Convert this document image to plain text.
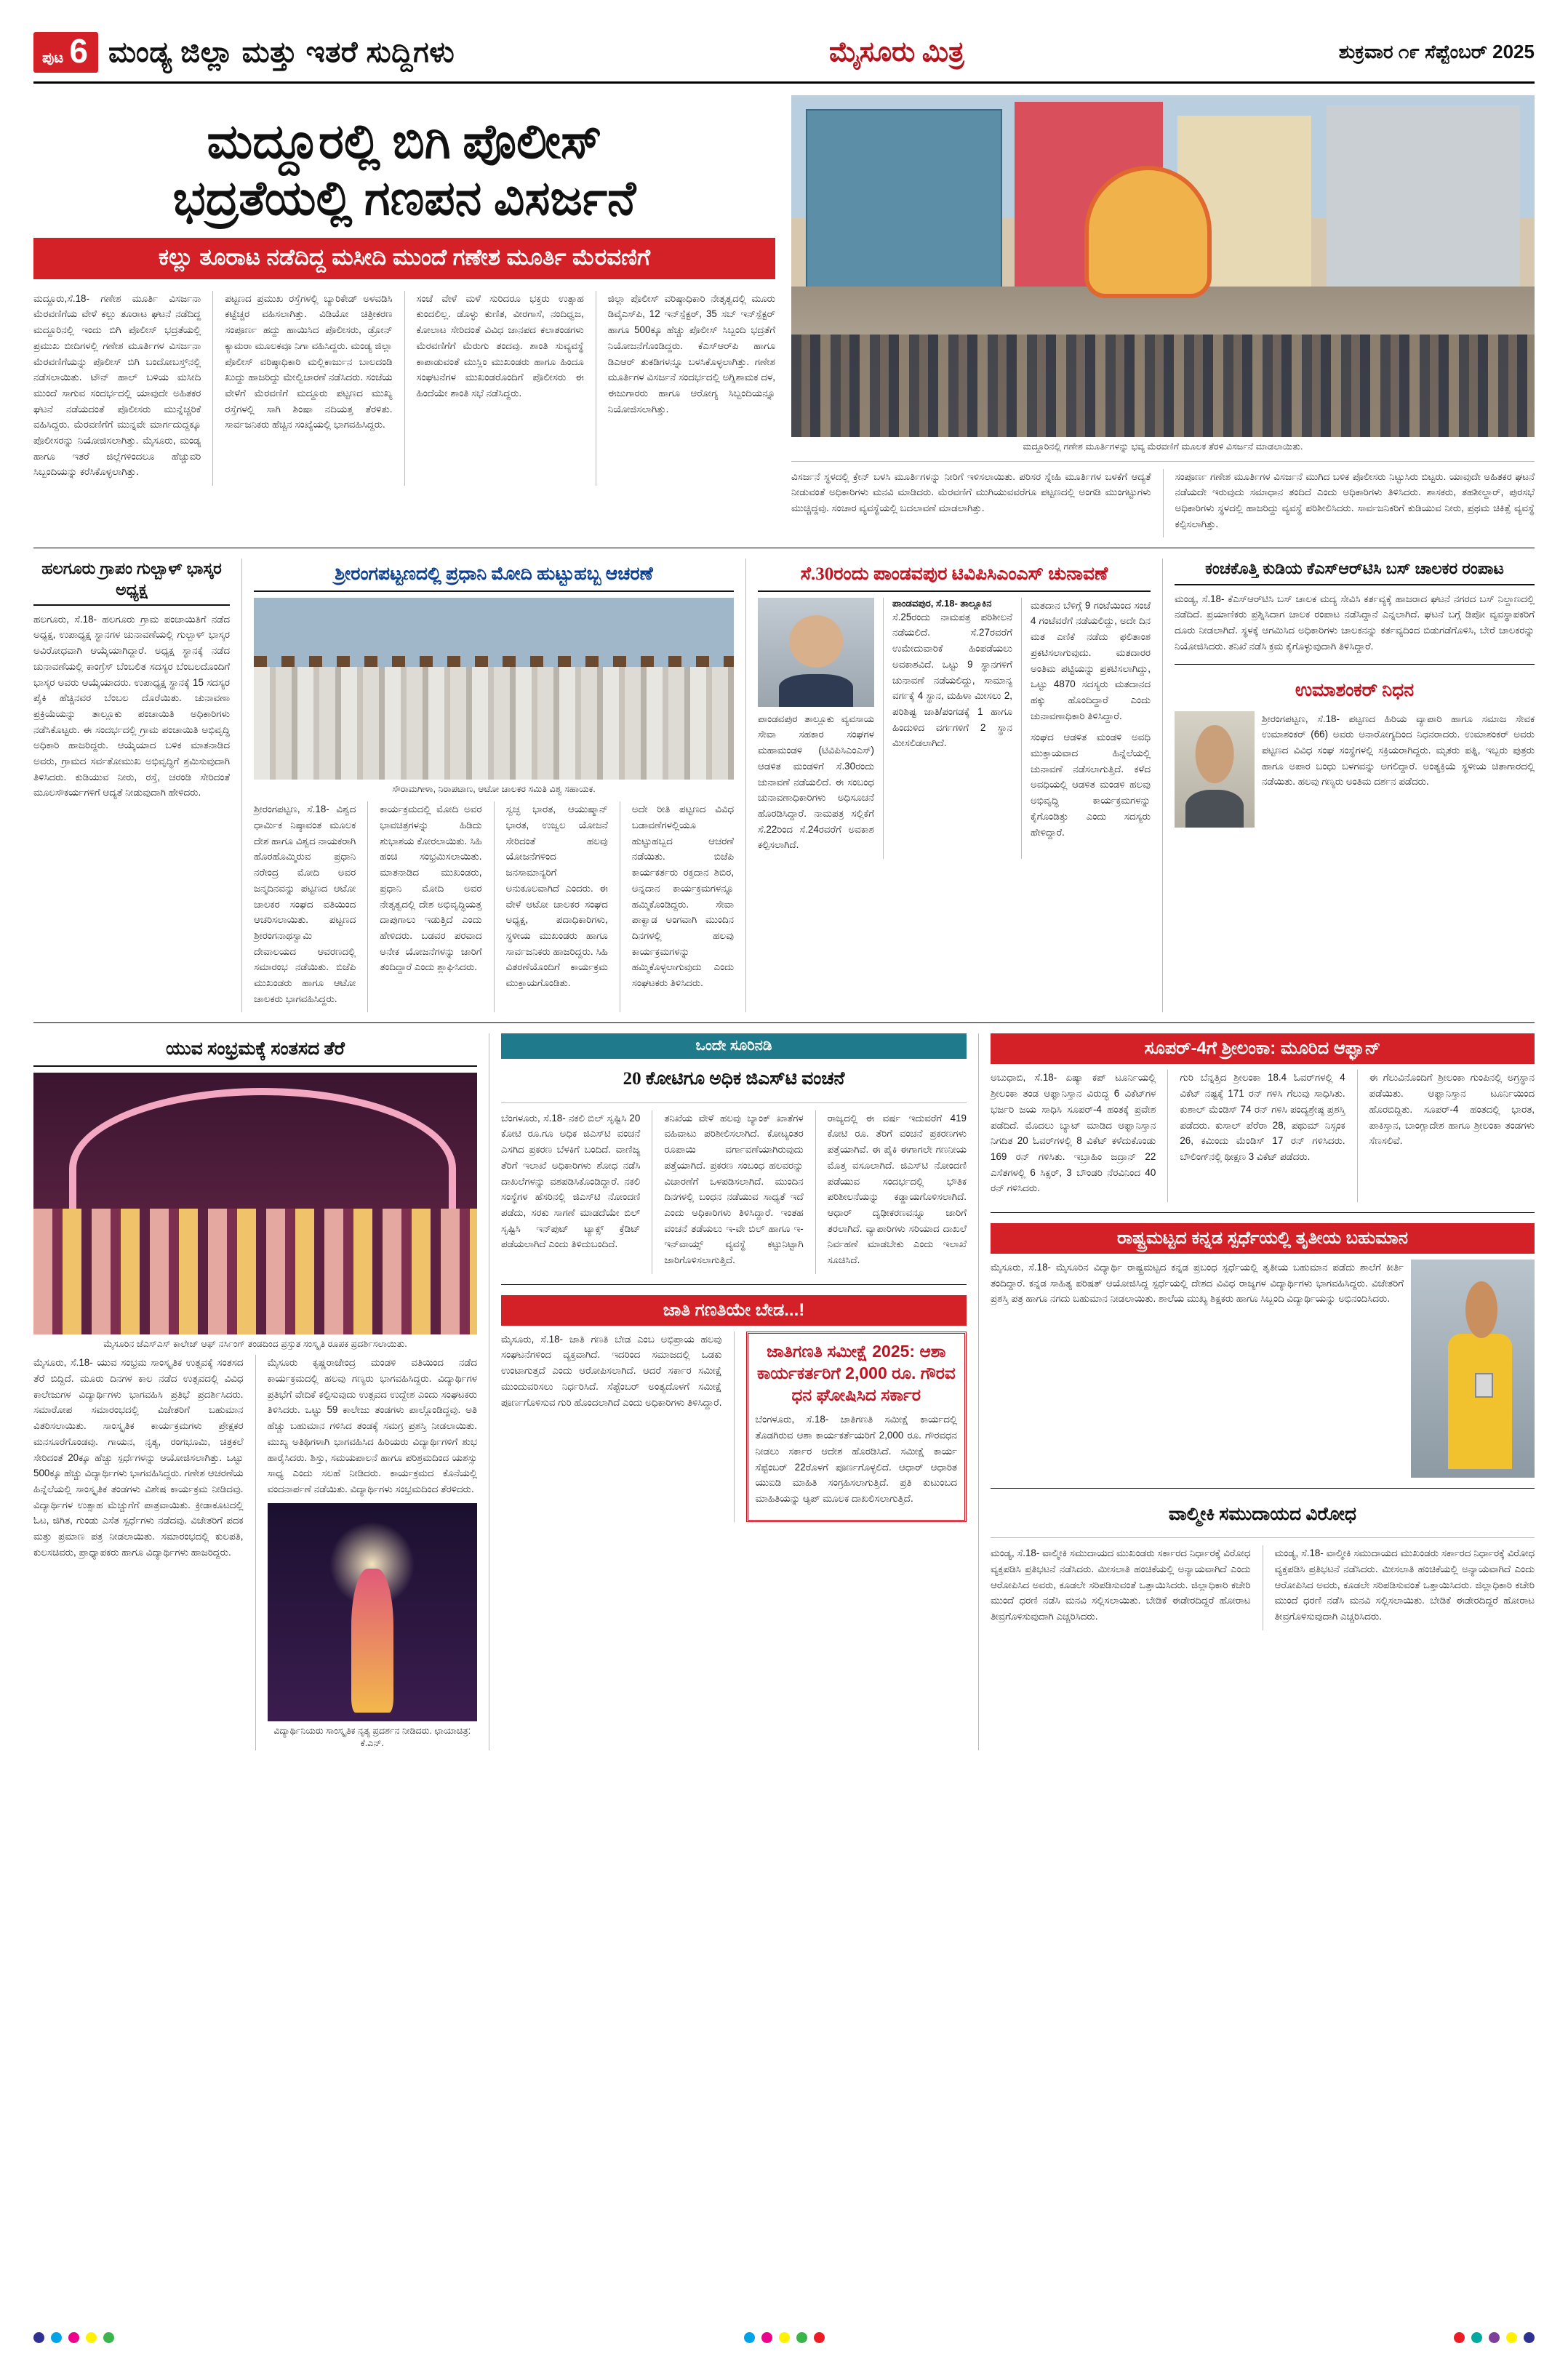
ಪುಟ 6 ಮಂಡ್ಯ ಜಿಲ್ಲಾ ಮತ್ತು ಇತರೆ ಸುದ್ದಿಗಳು	ಮೈಸೂರು ಮಿತ್ರ	ಶುಕ್ರವಾರ ೧೯ ಸೆಪ್ಟೆಂಬರ್ 2025
ಮದ್ದೂರಲ್ಲಿ ಬಿಗಿ ಪೊಲೀಸ್
ಭದ್ರತೆಯಲ್ಲಿ ಗಣಪನ ವಿಸರ್ಜನೆ
ಕಲ್ಲು ತೂರಾಟ ನಡೆದಿದ್ದ ಮಸೀದಿ ಮುಂದೆ ಗಣೇಶ ಮೂರ್ತಿ ಮೆರವಣಿಗೆ

ಮದ್ದೂರು,ಸೆ.18- ಗಣೇಶ ಮೂರ್ತಿ ವಿಸರ್ಜನಾ ಮೆರವಣಿಗೆಯ ವೇಳೆ ಕಲ್ಲು ತೂರಾಟ ಘಟನೆ ನಡೆದಿದ್ದ ಮದ್ದೂರಿನಲ್ಲಿ ಇಂದು ಬಿಗಿ ಪೊಲೀಸ್ ಭದ್ರತೆಯಲ್ಲಿ ಪ್ರಮುಖ ಬೀದಿಗಳಲ್ಲಿ ಗಣೇಶ ಮೂರ್ತಿಗಳ ವಿಸರ್ಜನಾ ಮೆರವಣಿಗೆಯನ್ನು ಪೊಲೀಸ್ ಬಿಗಿ ಬಂದೋಬಸ್ತ್‌ನಲ್ಲಿ ನಡೆಸಲಾಯಿತು. ಟೌನ್ ಹಾಲ್ ಬಳಿಯ ಮಸೀದಿ ಮುಂದೆ ಸಾಗುವ ಸಂದರ್ಭದಲ್ಲಿ ಯಾವುದೇ ಅಹಿತಕರ ಘಟನೆ ನಡೆಯದಂತೆ ಪೊಲೀಸರು ಮುನ್ನೆಚ್ಚರಿಕೆ ವಹಿಸಿದ್ದರು. ಮೆರವಣಿಗೆಗೆ ಮುನ್ನವೇ ಮಾರ್ಗದುದ್ದಕ್ಕೂ ಪೊಲೀಸರನ್ನು ನಿಯೋಜಿಸಲಾಗಿತ್ತು. ಮೈಸೂರು, ಮಂಡ್ಯ ಹಾಗೂ ಇತರೆ ಜಿಲ್ಲೆಗಳಿಂದಲೂ ಹೆಚ್ಚುವರಿ ಸಿಬ್ಬಂದಿಯನ್ನು ಕರೆಸಿಕೊಳ್ಳಲಾಗಿತ್ತು.

ಪಟ್ಟಣದ ಪ್ರಮುಖ ರಸ್ತೆಗಳಲ್ಲಿ ಬ್ಯಾರಿಕೇಡ್ ಅಳವಡಿಸಿ ಕಟ್ಟೆಚ್ಚರ ವಹಿಸಲಾಗಿತ್ತು. ವಿಡಿಯೋ ಚಿತ್ರೀಕರಣ ಸಂಪೂರ್ಣ ಹದ್ದು ಹಾಯಿಸಿದ ಪೊಲೀಸರು, ಡ್ರೋನ್ ಕ್ಯಾಮರಾ ಮೂಲಕವೂ ನಿಗಾ ವಹಿಸಿದ್ದರು. ಮಂಡ್ಯ ಜಿಲ್ಲಾ ಪೊಲೀಸ್ ವರಿಷ್ಠಾಧಿಕಾರಿ ಮಲ್ಲಿಕಾರ್ಜುನ ಬಾಲದಂಡಿ ಖುದ್ದು ಹಾಜರಿದ್ದು ಮೇಲ್ವಿಚಾರಣೆ ನಡೆಸಿದರು. ಸಂಜೆಯ ವೇಳೆಗೆ ಮೆರವಣಿಗೆ ಮದ್ದೂರು ಪಟ್ಟಣದ ಮುಖ್ಯ ರಸ್ತೆಗಳಲ್ಲಿ ಸಾಗಿ ಶಿಂಷಾ ನದಿಯತ್ತ ತೆರಳಿತು. ಸಾರ್ವಜನಿಕರು ಹೆಚ್ಚಿನ ಸಂಖ್ಯೆಯಲ್ಲಿ ಭಾಗವಹಿಸಿದ್ದರು.

ಸಂಜೆ ವೇಳೆ ಮಳೆ ಸುರಿದರೂ ಭಕ್ತರು ಉತ್ಸಾಹ ಕುಂದಲಿಲ್ಲ. ಡೊಳ್ಳು ಕುಣಿತ, ವೀರಗಾಸೆ, ನಂದಿಧ್ವಜ, ಕೋಲಾಟ ಸೇರಿದಂತೆ ವಿವಿಧ ಜಾನಪದ ಕಲಾತಂಡಗಳು ಮೆರವಣಿಗೆಗೆ ಮೆರುಗು ತಂದವು. ಶಾಂತಿ ಸುವ್ಯವಸ್ಥೆ ಕಾಪಾಡುವಂತೆ ಮುಸ್ಲಿಂ ಮುಖಂಡರು ಹಾಗೂ ಹಿಂದೂ ಸಂಘಟನೆಗಳ ಮುಖಂಡರೊಂದಿಗೆ ಪೊಲೀಸರು ಈ ಹಿಂದೆಯೇ ಶಾಂತಿ ಸಭೆ ನಡೆಸಿದ್ದರು.

ಜಿಲ್ಲಾ ಪೊಲೀಸ್ ವರಿಷ್ಠಾಧಿಕಾರಿ ನೇತೃತ್ವದಲ್ಲಿ ಮೂರು ಡಿವೈಎಸ್‌ಪಿ, 12 ಇನ್‌ಸ್ಪೆಕ್ಟರ್, 35 ಸಬ್ ಇನ್‌ಸ್ಪೆಕ್ಟರ್ ಹಾಗೂ 500ಕ್ಕೂ ಹೆಚ್ಚು ಪೊಲೀಸ್ ಸಿಬ್ಬಂದಿ ಭದ್ರತೆಗೆ ನಿಯೋಜನೆಗೊಂಡಿದ್ದರು. ಕೆಎಸ್‌ಆರ್‌ಪಿ ಹಾಗೂ ಡಿಎಆರ್ ತುಕಡಿಗಳನ್ನೂ ಬಳಸಿಕೊಳ್ಳಲಾಗಿತ್ತು. ಗಣೇಶ ಮೂರ್ತಿಗಳ ವಿಸರ್ಜನೆ ಸಂದರ್ಭದಲ್ಲಿ ಅಗ್ನಿಶಾಮಕ ದಳ, ಈಜುಗಾರರು ಹಾಗೂ ಆರೋಗ್ಯ ಸಿಬ್ಬಂದಿಯನ್ನೂ ನಿಯೋಜಿಸಲಾಗಿತ್ತು.

ಮದ್ದೂರಿನಲ್ಲಿ ಗಣೇಶ ಮೂರ್ತಿಗಳನ್ನು ಭವ್ಯ ಮೆರವಣಿಗೆ ಮೂಲಕ ತೆರಳಿ ವಿಸರ್ಜನೆ ಮಾಡಲಾಯಿತು.

ವಿಸರ್ಜನೆ ಸ್ಥಳದಲ್ಲಿ ಕ್ರೇನ್ ಬಳಸಿ ಮೂರ್ತಿಗಳನ್ನು ನೀರಿಗೆ ಇಳಿಸಲಾಯಿತು. ಪರಿಸರ ಸ್ನೇಹಿ ಮೂರ್ತಿಗಳ ಬಳಕೆಗೆ ಆದ್ಯತೆ ನೀಡುವಂತೆ ಅಧಿಕಾರಿಗಳು ಮನವಿ ಮಾಡಿದರು. ಮೆರವಣಿಗೆ ಮುಗಿಯುವವರೆಗೂ ಪಟ್ಟಣದಲ್ಲಿ ಅಂಗಡಿ ಮುಂಗಟ್ಟುಗಳು ಮುಚ್ಚಿದ್ದವು. ಸಂಚಾರ ವ್ಯವಸ್ಥೆಯಲ್ಲಿ ಬದಲಾವಣೆ ಮಾಡಲಾಗಿತ್ತು.

ಸಂಪೂರ್ಣ ಗಣೇಶ ಮೂರ್ತಿಗಳ ವಿಸರ್ಜನೆ ಮುಗಿದ ಬಳಿಕ ಪೊಲೀಸರು ನಿಟ್ಟುಸಿರು ಬಿಟ್ಟರು. ಯಾವುದೇ ಅಹಿತಕರ ಘಟನೆ ನಡೆಯದೇ ಇರುವುದು ಸಮಾಧಾನ ತಂದಿದೆ ಎಂದು ಅಧಿಕಾರಿಗಳು ತಿಳಿಸಿದರು. ಶಾಸಕರು, ತಹಶೀಲ್ದಾರ್, ಪುರಸಭೆ ಅಧಿಕಾರಿಗಳು ಸ್ಥಳದಲ್ಲಿ ಹಾಜರಿದ್ದು ವ್ಯವಸ್ಥೆ ಪರಿಶೀಲಿಸಿದರು. ಸಾರ್ವಜನಿಕರಿಗೆ ಕುಡಿಯುವ ನೀರು, ಪ್ರಥಮ ಚಿಕಿತ್ಸೆ ವ್ಯವಸ್ಥೆ ಕಲ್ಪಿಸಲಾಗಿತ್ತು.

ಹಲಗೂರು ಗ್ರಾಪಂ ಗುಲ್ಬಾಳ್ ಭಾಸ್ಕರ ಅಧ್ಯಕ್ಷ

ಹಲಗೂರು, ಸೆ.18- ಹಲಗೂರು ಗ್ರಾಮ ಪಂಚಾಯಿತಿಗೆ ನಡೆದ ಅಧ್ಯಕ್ಷ, ಉಪಾಧ್ಯಕ್ಷ ಸ್ಥಾನಗಳ ಚುನಾವಣೆಯಲ್ಲಿ ಗುಲ್ಬಾಳ್ ಭಾಸ್ಕರ ಅವಿರೋಧವಾಗಿ ಆಯ್ಕೆಯಾಗಿದ್ದಾರೆ. ಅಧ್ಯಕ್ಷ ಸ್ಥಾನಕ್ಕೆ ನಡೆದ ಚುನಾವಣೆಯಲ್ಲಿ ಕಾಂಗ್ರೆಸ್ ಬೆಂಬಲಿತ ಸದಸ್ಯರ ಬೆಂಬಲದೊಂದಿಗೆ ಭಾಸ್ಕರ ಅವರು ಆಯ್ಕೆಯಾದರು. ಉಪಾಧ್ಯಕ್ಷ ಸ್ಥಾನಕ್ಕೆ 15 ಸದಸ್ಯರ ಪೈಕಿ ಹೆಚ್ಚಿನವರ ಬೆಂಬಲ ದೊರೆಯಿತು. ಚುನಾವಣಾ ಪ್ರಕ್ರಿಯೆಯನ್ನು ತಾಲ್ಲೂಕು ಪಂಚಾಯಿತಿ ಅಧಿಕಾರಿಗಳು ನಡೆಸಿಕೊಟ್ಟರು. ಈ ಸಂದರ್ಭದಲ್ಲಿ ಗ್ರಾಮ ಪಂಚಾಯಿತಿ ಅಭಿವೃದ್ಧಿ ಅಧಿಕಾರಿ ಹಾಜರಿದ್ದರು. ಆಯ್ಕೆಯಾದ ಬಳಿಕ ಮಾತನಾಡಿದ ಅವರು, ಗ್ರಾಮದ ಸರ್ವತೋಮುಖ ಅಭಿವೃದ್ಧಿಗೆ ಶ್ರಮಿಸುವುದಾಗಿ ತಿಳಿಸಿದರು. ಕುಡಿಯುವ ನೀರು, ರಸ್ತೆ, ಚರಂಡಿ ಸೇರಿದಂತೆ ಮೂಲಸೌಕರ್ಯಗಳಿಗೆ ಆದ್ಯತೆ ನೀಡುವುದಾಗಿ ಹೇಳಿದರು.

ಶ್ರೀರಂಗಪಟ್ಟಣದಲ್ಲಿ ಪ್ರಧಾನಿ ಮೋದಿ ಹುಟ್ಟುಹಬ್ಬ ಆಚರಣೆ
ಸೌರಾಮಗೀಳಾ, ನಿರಾಪಟಾಣ, ಆಟೋ ಚಾಲಕರ ಸಮಿತಿ ವಿಶ್ವ ಸಹಾಯಕ.

ಶ್ರೀರಂಗಪಟ್ಟಣ, ಸೆ.18- ವಿಶ್ವದ ಧಾರ್ಮಿಕ ನಿಷ್ಠಾವಂತ ಮೂಲಕ ದೇಶ ಹಾಗೂ ವಿಶ್ವದ ನಾಯಕರಾಗಿ ಹೊರಹೊಮ್ಮಿರುವ ಪ್ರಧಾನಿ ನರೇಂದ್ರ ಮೋದಿ ಅವರ ಜನ್ಮದಿನವನ್ನು ಪಟ್ಟಣದ ಆಟೋ ಚಾಲಕರ ಸಂಘದ ವತಿಯಿಂದ ಆಚರಿಸಲಾಯಿತು. ಪಟ್ಟಣದ ಶ್ರೀರಂಗನಾಥಸ್ವಾಮಿ ದೇವಾಲಯದ ಆವರಣದಲ್ಲಿ ಸಮಾರಂಭ ನಡೆಯಿತು. ಬಿಜೆಪಿ ಮುಖಂಡರು ಹಾಗೂ ಆಟೋ ಚಾಲಕರು ಭಾಗವಹಿಸಿದ್ದರು.

ಕಾರ್ಯಕ್ರಮದಲ್ಲಿ ಮೋದಿ ಅವರ ಭಾವಚಿತ್ರಗಳನ್ನು ಹಿಡಿದು ಶುಭಾಶಯ ಕೋರಲಾಯಿತು. ಸಿಹಿ ಹಂಚಿ ಸಂಭ್ರಮಿಸಲಾಯಿತು. ಮಾತನಾಡಿದ ಮುಖಂಡರು, ಪ್ರಧಾನಿ ಮೋದಿ ಅವರ ನೇತೃತ್ವದಲ್ಲಿ ದೇಶ ಅಭಿವೃದ್ಧಿಯತ್ತ ದಾಪುಗಾಲು ಇಡುತ್ತಿದೆ ಎಂದು ಹೇಳಿದರು. ಬಡವರ ಪರವಾದ ಅನೇಕ ಯೋಜನೆಗಳನ್ನು ಜಾರಿಗೆ ತಂದಿದ್ದಾರೆ ಎಂದು ಶ್ಲಾಘಿಸಿದರು.

ಸ್ವಚ್ಛ ಭಾರತ, ಆಯುಷ್ಮಾನ್ ಭಾರತ, ಉಜ್ವಲ ಯೋಜನೆ ಸೇರಿದಂತೆ ಹಲವು ಯೋಜನೆಗಳಿಂದ ಜನಸಾಮಾನ್ಯರಿಗೆ ಅನುಕೂಲವಾಗಿದೆ ಎಂದರು. ಈ ವೇಳೆ ಆಟೋ ಚಾಲಕರ ಸಂಘದ ಅಧ್ಯಕ್ಷ, ಪದಾಧಿಕಾರಿಗಳು, ಸ್ಥಳೀಯ ಮುಖಂಡರು ಹಾಗೂ ಸಾರ್ವಜನಿಕರು ಹಾಜರಿದ್ದರು. ಸಿಹಿ ವಿತರಣೆಯೊಂದಿಗೆ ಕಾರ್ಯಕ್ರಮ ಮುಕ್ತಾಯಗೊಂಡಿತು.

ಅದೇ ರೀತಿ ಪಟ್ಟಣದ ವಿವಿಧ ಬಡಾವಣೆಗಳಲ್ಲಿಯೂ ಹುಟ್ಟುಹಬ್ಬದ ಆಚರಣೆ ನಡೆಯಿತು. ಬಿಜೆಪಿ ಕಾರ್ಯಕರ್ತರು ರಕ್ತದಾನ ಶಿಬಿರ, ಅನ್ನದಾನ ಕಾರ್ಯಕ್ರಮಗಳನ್ನೂ ಹಮ್ಮಿಕೊಂಡಿದ್ದರು. ಸೇವಾ ಪಾಕ್ವಾಡ ಅಂಗವಾಗಿ ಮುಂದಿನ ದಿನಗಳಲ್ಲಿ ಹಲವು ಕಾರ್ಯಕ್ರಮಗಳನ್ನು ಹಮ್ಮಿಕೊಳ್ಳಲಾಗುವುದು ಎಂದು ಸಂಘಟಕರು ತಿಳಿಸಿದರು.

ಸೆ.30ರಂದು ಪಾಂಡವಪುರ ಟಿವಿಪಿಸಿಎಂಎಸ್ ಚುನಾವಣೆ

ಪಾಂಡವಪುರ ತಾಲ್ಲೂಕು ವ್ಯವಸಾಯ ಸೇವಾ ಸಹಕಾರ ಸಂಘಗಳ ಮಹಾಮಂಡಳಿ (ಟಿವಿಪಿಸಿಎಂಎಸ್) ಆಡಳಿತ ಮಂಡಳಿಗೆ ಸೆ.30ರಂದು ಚುನಾವಣೆ ನಡೆಯಲಿದೆ. ಈ ಸಂಬಂಧ ಚುನಾವಣಾಧಿಕಾರಿಗಳು ಅಧಿಸೂಚನೆ ಹೊರಡಿಸಿದ್ದಾರೆ. ನಾಮಪತ್ರ ಸಲ್ಲಿಕೆಗೆ ಸೆ.22ರಿಂದ ಸೆ.24ರವರೆಗೆ ಅವಕಾಶ ಕಲ್ಪಿಸಲಾಗಿದೆ.

ಪಾಂಡವಪುರ, ಸೆ.18- ತಾಲ್ಲೂಕಿನ

ಸೆ.25ರಂದು ನಾಮಪತ್ರ ಪರಿಶೀಲನೆ ನಡೆಯಲಿದೆ. ಸೆ.27ರವರೆಗೆ ಉಮೇದುವಾರಿಕೆ ಹಿಂಪಡೆಯಲು ಅವಕಾಶವಿದೆ. ಒಟ್ಟು 9 ಸ್ಥಾನಗಳಿಗೆ ಚುನಾವಣೆ ನಡೆಯಲಿದ್ದು, ಸಾಮಾನ್ಯ ವರ್ಗಕ್ಕೆ 4 ಸ್ಥಾನ, ಮಹಿಳಾ ಮೀಸಲು 2, ಪರಿಶಿಷ್ಟ ಜಾತಿ/ಪಂಗಡಕ್ಕೆ 1 ಹಾಗೂ ಹಿಂದುಳಿದ ವರ್ಗಗಳಿಗೆ 2 ಸ್ಥಾನ ಮೀಸಲಿಡಲಾಗಿದೆ.

ಮತದಾನ ಬೆಳಿಗ್ಗೆ 9 ಗಂಟೆಯಿಂದ ಸಂಜೆ 4 ಗಂಟೆವರೆಗೆ ನಡೆಯಲಿದ್ದು, ಅದೇ ದಿನ ಮತ ಎಣಿಕೆ ನಡೆದು ಫಲಿತಾಂಶ ಪ್ರಕಟಿಸಲಾಗುವುದು. ಮತದಾರರ ಅಂತಿಮ ಪಟ್ಟಿಯನ್ನು ಪ್ರಕಟಿಸಲಾಗಿದ್ದು, ಒಟ್ಟು 4870 ಸದಸ್ಯರು ಮತದಾನದ ಹಕ್ಕು ಹೊಂದಿದ್ದಾರೆ ಎಂದು ಚುನಾವಣಾಧಿಕಾರಿ ತಿಳಿಸಿದ್ದಾರೆ.

ಸಂಘದ ಆಡಳಿತ ಮಂಡಳಿ ಅವಧಿ ಮುಕ್ತಾಯವಾದ ಹಿನ್ನೆಲೆಯಲ್ಲಿ ಚುನಾವಣೆ ನಡೆಸಲಾಗುತ್ತಿದೆ. ಕಳೆದ ಅವಧಿಯಲ್ಲಿ ಆಡಳಿತ ಮಂಡಳಿ ಹಲವು ಅಭಿವೃದ್ಧಿ ಕಾರ್ಯಕ್ರಮಗಳನ್ನು ಕೈಗೊಂಡಿತ್ತು ಎಂದು ಸದಸ್ಯರು ಹೇಳಿದ್ದಾರೆ.

ಕಂಚಕೊತ್ತಿ ಕುಡಿಯ ಕೆಎಸ್‌ಆರ್‌ಟಿಸಿ ಬಸ್ ಚಾಲಕರ ರಂಪಾಟ

ಮಂಡ್ಯ, ಸೆ.18- ಕೆಎಸ್‌ಆರ್‌ಟಿಸಿ ಬಸ್ ಚಾಲಕ ಮದ್ಯ ಸೇವಿಸಿ ಕರ್ತವ್ಯಕ್ಕೆ ಹಾಜರಾದ ಘಟನೆ ನಗರದ ಬಸ್ ನಿಲ್ದಾಣದಲ್ಲಿ ನಡೆದಿದೆ. ಪ್ರಯಾಣಿಕರು ಪ್ರಶ್ನಿಸಿದಾಗ ಚಾಲಕ ರಂಪಾಟ ನಡೆಸಿದ್ದಾನೆ ಎನ್ನಲಾಗಿದೆ. ಘಟನೆ ಬಗ್ಗೆ ಡಿಪೋ ವ್ಯವಸ್ಥಾಪಕರಿಗೆ ದೂರು ನೀಡಲಾಗಿದೆ. ಸ್ಥಳಕ್ಕೆ ಆಗಮಿಸಿದ ಅಧಿಕಾರಿಗಳು ಚಾಲಕನನ್ನು ಕರ್ತವ್ಯದಿಂದ ಬಿಡುಗಡೆಗೊಳಿಸಿ, ಬೇರೆ ಚಾಲಕರನ್ನು ನಿಯೋಜಿಸಿದರು. ತನಿಖೆ ನಡೆಸಿ ಕ್ರಮ ಕೈಗೊಳ್ಳುವುದಾಗಿ ತಿಳಿಸಿದ್ದಾರೆ.

ಉಮಾಶಂಕರ್ ನಿಧನ

ಶ್ರೀರಂಗಪಟ್ಟಣ, ಸೆ.18- ಪಟ್ಟಣದ ಹಿರಿಯ ವ್ಯಾಪಾರಿ ಹಾಗೂ ಸಮಾಜ ಸೇವಕ ಉಮಾಶಂಕರ್ (66) ಅವರು ಅನಾರೋಗ್ಯದಿಂದ ನಿಧನರಾದರು. ಉಮಾಶಂಕರ್ ಅವರು ಪಟ್ಟಣದ ವಿವಿಧ ಸಂಘ ಸಂಸ್ಥೆಗಳಲ್ಲಿ ಸಕ್ರಿಯರಾಗಿದ್ದರು. ಮೃತರು ಪತ್ನಿ, ಇಬ್ಬರು ಪುತ್ರರು ಹಾಗೂ ಅಪಾರ ಬಂಧು ಬಳಗವನ್ನು ಅಗಲಿದ್ದಾರೆ. ಅಂತ್ಯಕ್ರಿಯೆ ಸ್ಥಳೀಯ ಚಿತಾಗಾರದಲ್ಲಿ ನಡೆಯಿತು. ಹಲವು ಗಣ್ಯರು ಅಂತಿಮ ದರ್ಶನ ಪಡೆದರು.

ಯುವ ಸಂಭ್ರಮಕ್ಕೆ ಸಂತಸದ ತೆರೆ
ಮೈಸೂರಿನ ಜೆಎಸ್‌ಎಸ್ ಕಾಲೇಜ್ ಆಫ್ ನರ್ಸಿಂಗ್ ತಂಡದಿಂದ ಪ್ರಸ್ತುತ ಸಂಸ್ಕೃತಿ ರೂಪಕ ಪ್ರದರ್ಶಿಸಲಾಯಿತು.

ಮೈಸೂರು, ಸೆ.18- ಯುವ ಸಂಭ್ರಮ ಸಾಂಸ್ಕೃತಿಕ ಉತ್ಸವಕ್ಕೆ ಸಂತಸದ ತೆರೆ ಬಿದ್ದಿದೆ. ಮೂರು ದಿನಗಳ ಕಾಲ ನಡೆದ ಉತ್ಸವದಲ್ಲಿ ವಿವಿಧ ಕಾಲೇಜುಗಳ ವಿದ್ಯಾರ್ಥಿಗಳು ಭಾಗವಹಿಸಿ ಪ್ರತಿಭೆ ಪ್ರದರ್ಶಿಸಿದರು. ಸಮಾರೋಪ ಸಮಾರಂಭದಲ್ಲಿ ವಿಜೇತರಿಗೆ ಬಹುಮಾನ ವಿತರಿಸಲಾಯಿತು. ಸಾಂಸ್ಕೃತಿಕ ಕಾರ್ಯಕ್ರಮಗಳು ಪ್ರೇಕ್ಷಕರ ಮನಸೂರೆಗೊಂಡವು. ಗಾಯನ, ನೃತ್ಯ, ರಂಗಭೂಮಿ, ಚಿತ್ರಕಲೆ ಸೇರಿದಂತೆ 20ಕ್ಕೂ ಹೆಚ್ಚು ಸ್ಪರ್ಧೆಗಳನ್ನು ಆಯೋಜಿಸಲಾಗಿತ್ತು. ಒಟ್ಟು 500ಕ್ಕೂ ಹೆಚ್ಚು ವಿದ್ಯಾರ್ಥಿಗಳು ಭಾಗವಹಿಸಿದ್ದರು. ಗಣೇಶ ಆಚರಣೆಯ ಹಿನ್ನೆಲೆಯಲ್ಲಿ ಸಾಂಸ್ಕೃತಿಕ ತಂಡಗಳು ವಿಶೇಷ ಕಾರ್ಯಕ್ರಮ ನೀಡಿದವು. ವಿದ್ಯಾರ್ಥಿಗಳ ಉತ್ಸಾಹ ಮೆಚ್ಚುಗೆಗೆ ಪಾತ್ರವಾಯಿತು. ಕ್ರೀಡಾಕೂಟದಲ್ಲಿ ಓಟ, ಜಿಗಿತ, ಗುಂಡು ಎಸೆತ ಸ್ಪರ್ಧೆಗಳು ನಡೆದವು. ವಿಜೇತರಿಗೆ ಪದಕ ಮತ್ತು ಪ್ರಮಾಣ ಪತ್ರ ನೀಡಲಾಯಿತು. ಸಮಾರಂಭದಲ್ಲಿ ಕುಲಪತಿ, ಕುಲಸಚಿವರು, ಪ್ರಾಧ್ಯಾಪಕರು ಹಾಗೂ ವಿದ್ಯಾರ್ಥಿಗಳು ಹಾಜರಿದ್ದರು.

ಮೈಸೂರು ಕೃಷ್ಣರಾಜೇಂದ್ರ ಮಂಡಳಿ ವತಿಯಿಂದ ನಡೆದ ಕಾರ್ಯಕ್ರಮದಲ್ಲಿ ಹಲವು ಗಣ್ಯರು ಭಾಗವಹಿಸಿದ್ದರು. ವಿದ್ಯಾರ್ಥಿಗಳ ಪ್ರತಿಭೆಗೆ ವೇದಿಕೆ ಕಲ್ಪಿಸುವುದು ಉತ್ಸವದ ಉದ್ದೇಶ ಎಂದು ಸಂಘಟಕರು ತಿಳಿಸಿದರು. ಒಟ್ಟು 59 ಕಾಲೇಜು ತಂಡಗಳು ಪಾಲ್ಗೊಂಡಿದ್ದವು. ಅತಿ ಹೆಚ್ಚು ಬಹುಮಾನ ಗಳಿಸಿದ ತಂಡಕ್ಕೆ ಸಮಗ್ರ ಪ್ರಶಸ್ತಿ ನೀಡಲಾಯಿತು. ಮುಖ್ಯ ಅತಿಥಿಗಳಾಗಿ ಭಾಗವಹಿಸಿದ ಹಿರಿಯರು ವಿದ್ಯಾರ್ಥಿಗಳಿಗೆ ಶುಭ ಹಾರೈಸಿದರು. ಶಿಸ್ತು, ಸಮಯಪಾಲನೆ ಹಾಗೂ ಪರಿಶ್ರಮದಿಂದ ಯಶಸ್ಸು ಸಾಧ್ಯ ಎಂದು ಸಲಹೆ ನೀಡಿದರು. ಕಾರ್ಯಕ್ರಮದ ಕೊನೆಯಲ್ಲಿ ವಂದನಾರ್ಪಣೆ ನಡೆಯಿತು. ವಿದ್ಯಾರ್ಥಿಗಳು ಸಂಭ್ರಮದಿಂದ ತೆರಳಿದರು.

ವಿದ್ಯಾರ್ಥಿನಿಯರು ಸಾಂಸ್ಕೃತಿಕ ನೃತ್ಯ ಪ್ರದರ್ಶನ ನೀಡಿದರು. ಛಾಯಾಚಿತ್ರ: ಕೆ.ಎನ್.
ಒಂದೇ ಸೂರಿನಡಿ
20 ಕೋಟಿಗೂ ಅಧಿಕ ಜಿಎಸ್‌ಟಿ ವಂಚನೆ

ಬೆಂಗಳೂರು, ಸೆ.18- ನಕಲಿ ಬಿಲ್ ಸೃಷ್ಟಿಸಿ 20 ಕೋಟಿ ರೂ.ಗೂ ಅಧಿಕ ಜಿಎಸ್‌ಟಿ ವಂಚನೆ ಎಸಗಿದ ಪ್ರಕರಣ ಬೆಳಕಿಗೆ ಬಂದಿದೆ. ವಾಣಿಜ್ಯ ತೆರಿಗೆ ಇಲಾಖೆ ಅಧಿಕಾರಿಗಳು ಶೋಧ ನಡೆಸಿ ದಾಖಲೆಗಳನ್ನು ವಶಪಡಿಸಿಕೊಂಡಿದ್ದಾರೆ. ನಕಲಿ ಸಂಸ್ಥೆಗಳ ಹೆಸರಿನಲ್ಲಿ ಜಿಎಸ್‌ಟಿ ನೋಂದಣಿ ಪಡೆದು, ಸರಕು ಸಾಗಣೆ ಮಾಡದೆಯೇ ಬಿಲ್ ಸೃಷ್ಟಿಸಿ ಇನ್‌ಪುಟ್ ಟ್ಯಾಕ್ಸ್ ಕ್ರೆಡಿಟ್ ಪಡೆಯಲಾಗಿದೆ ಎಂದು ತಿಳಿದುಬಂದಿದೆ.

ತನಿಖೆಯ ವೇಳೆ ಹಲವು ಬ್ಯಾಂಕ್ ಖಾತೆಗಳ ವಹಿವಾಟು ಪರಿಶೀಲಿಸಲಾಗಿದೆ. ಕೋಟ್ಯಂತರ ರೂಪಾಯಿ ವರ್ಗಾವಣೆಯಾಗಿರುವುದು ಪತ್ತೆಯಾಗಿದೆ. ಪ್ರಕರಣ ಸಂಬಂಧ ಹಲವರನ್ನು ವಿಚಾರಣೆಗೆ ಒಳಪಡಿಸಲಾಗಿದೆ. ಮುಂದಿನ ದಿನಗಳಲ್ಲಿ ಬಂಧನ ನಡೆಯುವ ಸಾಧ್ಯತೆ ಇದೆ ಎಂದು ಅಧಿಕಾರಿಗಳು ತಿಳಿಸಿದ್ದಾರೆ. ಇಂತಹ ವಂಚನೆ ತಡೆಯಲು ಇ-ವೇ ಬಿಲ್ ಹಾಗೂ ಇ-ಇನ್‌ವಾಯ್ಸ್ ವ್ಯವಸ್ಥೆ ಕಟ್ಟುನಿಟ್ಟಾಗಿ ಜಾರಿಗೊಳಿಸಲಾಗುತ್ತಿದೆ.

ರಾಜ್ಯದಲ್ಲಿ ಈ ವರ್ಷ ಇದುವರೆಗೆ 419 ಕೋಟಿ ರೂ. ತೆರಿಗೆ ವಂಚನೆ ಪ್ರಕರಣಗಳು ಪತ್ತೆಯಾಗಿವೆ. ಈ ಪೈಕಿ ಈಗಾಗಲೇ ಗಣನೀಯ ಮೊತ್ತ ವಸೂಲಾಗಿದೆ. ಜಿಎಸ್‌ಟಿ ನೋಂದಣಿ ಪಡೆಯುವ ಸಂದರ್ಭದಲ್ಲಿ ಭೌತಿಕ ಪರಿಶೀಲನೆಯನ್ನು ಕಡ್ಡಾಯಗೊಳಿಸಲಾಗಿದೆ. ಆಧಾರ್ ದೃಢೀಕರಣವನ್ನೂ ಜಾರಿಗೆ ತರಲಾಗಿದೆ. ವ್ಯಾಪಾರಿಗಳು ಸರಿಯಾದ ದಾಖಲೆ ನಿರ್ವಹಣೆ ಮಾಡಬೇಕು ಎಂದು ಇಲಾಖೆ ಸೂಚಿಸಿದೆ.

ಜಾತಿ ಗಣತಿಯೇ ಬೇಡ...!

ಮೈಸೂರು, ಸೆ.18- ಜಾತಿ ಗಣತಿ ಬೇಡ ಎಂಬ ಅಭಿಪ್ರಾಯ ಹಲವು ಸಂಘಟನೆಗಳಿಂದ ವ್ಯಕ್ತವಾಗಿದೆ. ಇದರಿಂದ ಸಮಾಜದಲ್ಲಿ ಒಡಕು ಉಂಟಾಗುತ್ತದೆ ಎಂದು ಆರೋಪಿಸಲಾಗಿದೆ. ಆದರೆ ಸರ್ಕಾರ ಸಮೀಕ್ಷೆ ಮುಂದುವರಿಸಲು ನಿರ್ಧರಿಸಿದೆ. ಸೆಪ್ಟೆಂಬರ್ ಅಂತ್ಯದೊಳಗೆ ಸಮೀಕ್ಷೆ ಪೂರ್ಣಗೊಳಿಸುವ ಗುರಿ ಹೊಂದಲಾಗಿದೆ ಎಂದು ಅಧಿಕಾರಿಗಳು ತಿಳಿಸಿದ್ದಾರೆ.

ಜಾತಿಗಣತಿ ಸಮೀಕ್ಷೆ 2025: ಆಶಾ ಕಾರ್ಯಕರ್ತರಿಗೆ 2,000 ರೂ. ಗೌರವ ಧನ ಘೋಷಿಸಿದ ಸರ್ಕಾರ

ಬೆಂಗಳೂರು, ಸೆ.18- ಜಾತಿಗಣತಿ ಸಮೀಕ್ಷೆ ಕಾರ್ಯದಲ್ಲಿ ತೊಡಗಿರುವ ಆಶಾ ಕಾರ್ಯಕರ್ತೆಯರಿಗೆ 2,000 ರೂ. ಗೌರವಧನ ನೀಡಲು ಸರ್ಕಾರ ಆದೇಶ ಹೊರಡಿಸಿದೆ. ಸಮೀಕ್ಷೆ ಕಾರ್ಯ ಸೆಪ್ಟೆಂಬರ್ 22ರೊಳಗೆ ಪೂರ್ಣಗೊಳ್ಳಲಿದೆ. ಆಧಾರ್ ಆಧಾರಿತ ಯುಐಡಿ ಮಾಹಿತಿ ಸಂಗ್ರಹಿಸಲಾಗುತ್ತಿದೆ. ಪ್ರತಿ ಕುಟುಂಬದ ಮಾಹಿತಿಯನ್ನು ಆ್ಯಪ್ ಮೂಲಕ ದಾಖಲಿಸಲಾಗುತ್ತಿದೆ.

ಸೂಪರ್-4ಗೆ ಶ್ರೀಲಂಕಾ: ಮೂರಿದ ಆಫ್ಘಾನ್

ಅಬುಧಾಬಿ, ಸೆ.18- ಏಷ್ಯಾ ಕಪ್ ಟೂರ್ನಿಯಲ್ಲಿ ಶ್ರೀಲಂಕಾ ತಂಡ ಆಫ್ಘಾನಿಸ್ತಾನ ವಿರುದ್ಧ 6 ವಿಕೆಟ್‌ಗಳ ಭರ್ಜರಿ ಜಯ ಸಾಧಿಸಿ ಸೂಪರ್-4 ಹಂತಕ್ಕೆ ಪ್ರವೇಶ ಪಡೆದಿದೆ. ಮೊದಲು ಬ್ಯಾಟ್ ಮಾಡಿದ ಆಫ್ಘಾನಿಸ್ತಾನ ನಿಗದಿತ 20 ಓವರ್‌ಗಳಲ್ಲಿ 8 ವಿಕೆಟ್ ಕಳೆದುಕೊಂಡು 169 ರನ್ ಗಳಿಸಿತು. ಇಬ್ರಾಹಿಂ ಜದ್ರಾನ್ 22 ಎಸೆತಗಳಲ್ಲಿ 6 ಸಿಕ್ಸರ್, 3 ಬೌಂಡರಿ ನೆರವಿನಿಂದ 40 ರನ್ ಗಳಿಸಿದರು.

ಗುರಿ ಬೆನ್ನತ್ತಿದ ಶ್ರೀಲಂಕಾ 18.4 ಓವರ್‌ಗಳಲ್ಲಿ 4 ವಿಕೆಟ್ ನಷ್ಟಕ್ಕೆ 171 ರನ್ ಗಳಿಸಿ ಗೆಲುವು ಸಾಧಿಸಿತು. ಕುಶಾಲ್ ಮೆಂಡಿಸ್ 74 ರನ್ ಗಳಿಸಿ ಪಂದ್ಯಶ್ರೇಷ್ಠ ಪ್ರಶಸ್ತಿ ಪಡೆದರು. ಕುಸಾಲ್ ಪೆರೆರಾ 28, ಪಥುಮ್ ನಿಸ್ಸಂಕ 26, ಕಮಿಂದು ಮೆಂಡಿಸ್ 17 ರನ್ ಗಳಿಸಿದರು. ಬೌಲಿಂಗ್‌ನಲ್ಲಿ ಥೀಕ್ಷಣ 3 ವಿಕೆಟ್ ಪಡೆದರು.

ಈ ಗೆಲುವಿನೊಂದಿಗೆ ಶ್ರೀಲಂಕಾ ಗುಂಪಿನಲ್ಲಿ ಅಗ್ರಸ್ಥಾನ ಪಡೆಯಿತು. ಆಫ್ಘಾನಿಸ್ತಾನ ಟೂರ್ನಿಯಿಂದ ಹೊರಬಿದ್ದಿತು. ಸೂಪರ್-4 ಹಂತದಲ್ಲಿ ಭಾರತ, ಪಾಕಿಸ್ತಾನ, ಬಾಂಗ್ಲಾದೇಶ ಹಾಗೂ ಶ್ರೀಲಂಕಾ ತಂಡಗಳು ಸೆಣಸಲಿವೆ.

ರಾಷ್ಟ್ರಮಟ್ಟದ ಕನ್ನಡ ಸ್ಪರ್ಧೆಯಲ್ಲಿ ತೃತೀಯ ಬಹುಮಾನ

ಮೈಸೂರು, ಸೆ.18- ಮೈಸೂರಿನ ವಿದ್ಯಾರ್ಥಿ ರಾಷ್ಟ್ರಮಟ್ಟದ ಕನ್ನಡ ಪ್ರಬಂಧ ಸ್ಪರ್ಧೆಯಲ್ಲಿ ತೃತೀಯ ಬಹುಮಾನ ಪಡೆದು ಶಾಲೆಗೆ ಕೀರ್ತಿ ತಂದಿದ್ದಾರೆ. ಕನ್ನಡ ಸಾಹಿತ್ಯ ಪರಿಷತ್ ಆಯೋಜಿಸಿದ್ದ ಸ್ಪರ್ಧೆಯಲ್ಲಿ ದೇಶದ ವಿವಿಧ ರಾಜ್ಯಗಳ ವಿದ್ಯಾರ್ಥಿಗಳು ಭಾಗವಹಿಸಿದ್ದರು. ವಿಜೇತರಿಗೆ ಪ್ರಶಸ್ತಿ ಪತ್ರ ಹಾಗೂ ನಗದು ಬಹುಮಾನ ನೀಡಲಾಯಿತು. ಶಾಲೆಯ ಮುಖ್ಯ ಶಿಕ್ಷಕರು ಹಾಗೂ ಸಿಬ್ಬಂದಿ ವಿದ್ಯಾರ್ಥಿಯನ್ನು ಅಭಿನಂದಿಸಿದರು.

ವಾಲ್ಮೀಕಿ ಸಮುದಾಯದ ವಿರೋಧ

ಮಂಡ್ಯ, ಸೆ.18- ವಾಲ್ಮೀಕಿ ಸಮುದಾಯದ ಮುಖಂಡರು ಸರ್ಕಾರದ ನಿರ್ಧಾರಕ್ಕೆ ವಿರೋಧ ವ್ಯಕ್ತಪಡಿಸಿ ಪ್ರತಿಭಟನೆ ನಡೆಸಿದರು. ಮೀಸಲಾತಿ ಹಂಚಿಕೆಯಲ್ಲಿ ಅನ್ಯಾಯವಾಗಿದೆ ಎಂದು ಆರೋಪಿಸಿದ ಅವರು, ಕೂಡಲೇ ಸರಿಪಡಿಸುವಂತೆ ಒತ್ತಾಯಿಸಿದರು. ಜಿಲ್ಲಾಧಿಕಾರಿ ಕಚೇರಿ ಮುಂದೆ ಧರಣಿ ನಡೆಸಿ ಮನವಿ ಸಲ್ಲಿಸಲಾಯಿತು. ಬೇಡಿಕೆ ಈಡೇರದಿದ್ದರೆ ಹೋರಾಟ ತೀವ್ರಗೊಳಿಸುವುದಾಗಿ ಎಚ್ಚರಿಸಿದರು.

ಮಂಡ್ಯ, ಸೆ.18- ವಾಲ್ಮೀಕಿ ಸಮುದಾಯದ ಮುಖಂಡರು ಸರ್ಕಾರದ ನಿರ್ಧಾರಕ್ಕೆ ವಿರೋಧ ವ್ಯಕ್ತಪಡಿಸಿ ಪ್ರತಿಭಟನೆ ನಡೆಸಿದರು. ಮೀಸಲಾತಿ ಹಂಚಿಕೆಯಲ್ಲಿ ಅನ್ಯಾಯವಾಗಿದೆ ಎಂದು ಆರೋಪಿಸಿದ ಅವರು, ಕೂಡಲೇ ಸರಿಪಡಿಸುವಂತೆ ಒತ್ತಾಯಿಸಿದರು. ಜಿಲ್ಲಾಧಿಕಾರಿ ಕಚೇರಿ ಮುಂದೆ ಧರಣಿ ನಡೆಸಿ ಮನವಿ ಸಲ್ಲಿಸಲಾಯಿತು. ಬೇಡಿಕೆ ಈಡೇರದಿದ್ದರೆ ಹೋರಾಟ ತೀವ್ರಗೊಳಿಸುವುದಾಗಿ ಎಚ್ಚರಿಸಿದರು.
